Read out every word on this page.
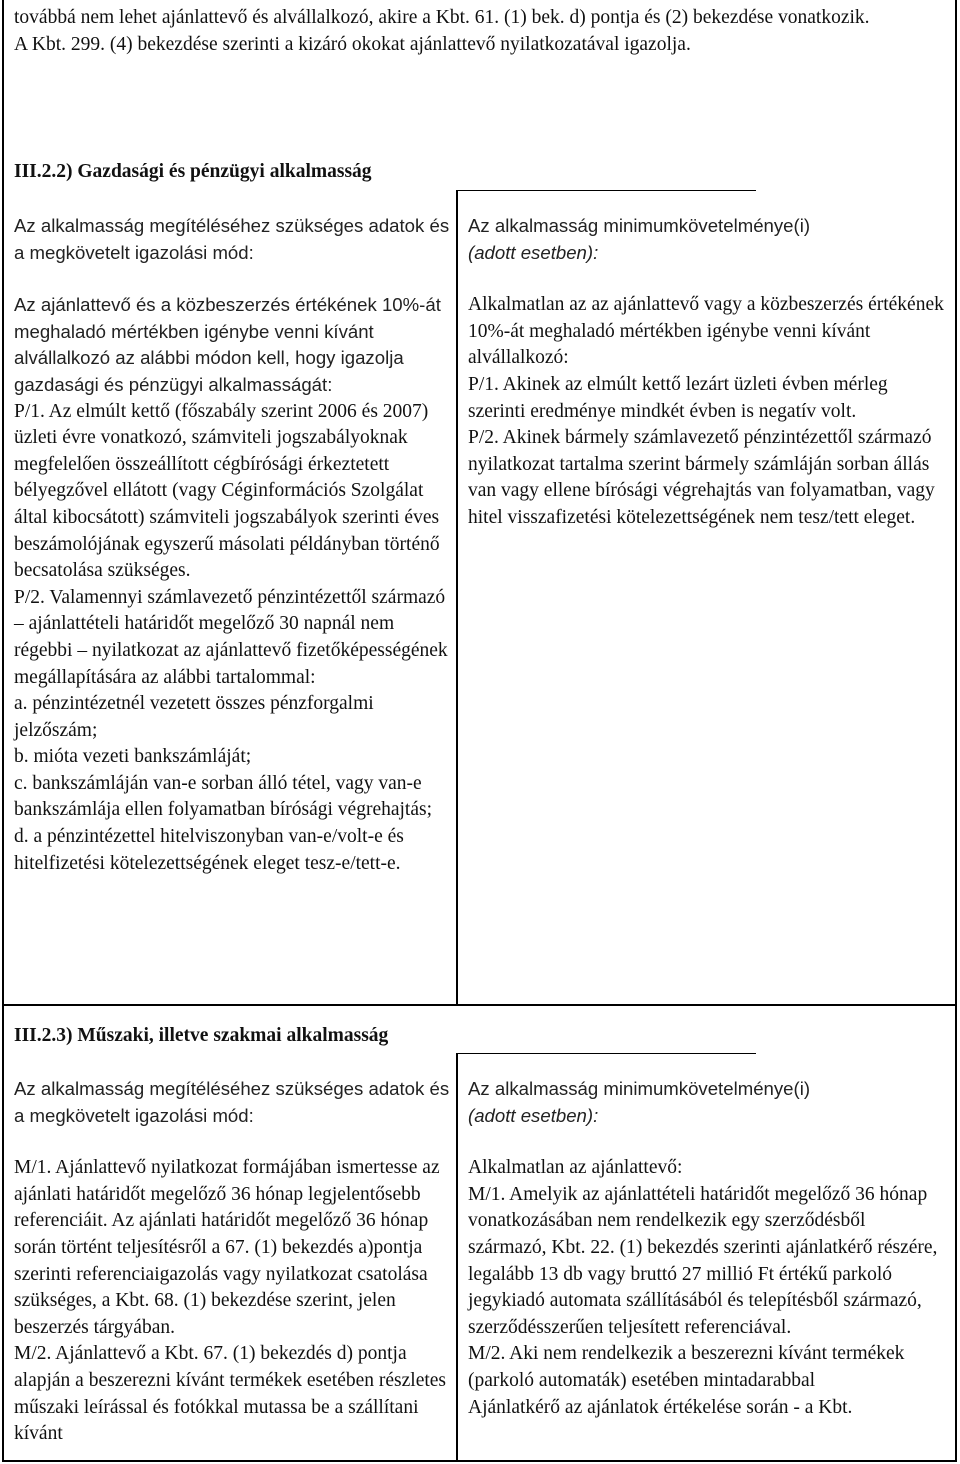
továbbá nem lehet ajánlattevő és alvállalkozó, akire a Kbt. 61. (1) bek. d) pontja és (2) bekezdése vonatkozik.

A Kbt. 299. (4) bekezdése szerinti a kizáró okokat ajánlattevő nyilatkozatával igazolja.

III.2.2) Gazdasági és pénzügyi alkalmasság

Az alkalmasság megítéléséhez szükséges adatok és a megkövetelt igazolási mód:

Az ajánlattevő és a közbeszerzés értékének 10%-át meghaladó mértékben igénybe venni kívánt alvállalkozó az alábbi módon kell, hogy igazolja gazdasági és pénzügyi alkalmasságát:

P/1. Az elmúlt kettő (főszabály szerint 2006 és 2007) üzleti évre vonatkozó, számviteli jogszabályoknak megfelelően összeállított cégbírósági érkeztetett bélyegzővel ellátott (vagy Céginformációs Szolgálat által kibocsátott) számviteli jogszabályok szerinti éves beszámolójának egyszerű másolati példányban történő becsatolása szükséges.

P/2. Valamennyi számlavezető pénzintézettől származó – ajánlattételi határidőt megelőző 30 napnál nem régebbi – nyilatkozat az ajánlattevő fizetőképességének megállapítására az alábbi tartalommal:

a. pénzintézetnél vezetett összes pénzforgalmi jelzőszám;

b. mióta vezeti bankszámláját;

c. bankszámláján van-e sorban álló tétel, vagy van-e bankszámlája ellen folyamatban bírósági végrehajtás;

d. a pénzintézettel hitelviszonyban van-e/volt-e és hitelfizetési kötelezettségének eleget tesz-e/tett-e.

Az alkalmasság minimumkövetelménye(i)

(adott esetben):

Alkalmatlan az az ajánlattevő vagy a közbeszerzés értékének 10%-át meghaladó mértékben igénybe venni kívánt alvállalkozó:

P/1. Akinek az elmúlt kettő lezárt üzleti évben mérleg szerinti eredménye mindkét évben is negatív volt.

P/2. Akinek bármely számlavezető pénzintézettől származó nyilatkozat tartalma szerint bármely számláján sorban állás van vagy ellene bírósági végrehajtás van folyamatban, vagy hitel visszafizetési kötelezettségének nem tesz/tett eleget.

III.2.3) Műszaki, illetve szakmai alkalmasság

Az alkalmasság megítéléséhez szükséges adatok és a megkövetelt igazolási mód:

M/1. Ajánlattevő nyilatkozat formájában ismertesse az ajánlati határidőt megelőző 36 hónap legjelentősebb referenciáit. Az ajánlati határidőt megelőző 36 hónap során történt teljesítésről a 67. (1) bekezdés a)pontja szerinti referenciaigazolás vagy nyilatkozat csatolása szükséges, a Kbt. 68. (1) bekezdése szerint, jelen beszerzés tárgyában.

M/2. Ajánlattevő a Kbt. 67. (1) bekezdés d) pontja alapján a beszerezni kívánt termékek esetében részletes műszaki leírással és fotókkal mutassa be a szállítani kívánt

Az alkalmasság minimumkövetelménye(i)

(adott esetben):

Alkalmatlan az ajánlattevő:

M/1. Amelyik az ajánlattételi határidőt megelőző 36 hónap vonatkozásában nem rendelkezik egy szerződésből származó, Kbt. 22. (1) bekezdés szerinti ajánlatkérő részére, legalább 13 db vagy bruttó 27 millió Ft értékű parkoló jegykiadó automata szállításából és telepítésből származó, szerződésszerűen teljesített referenciával.

M/2. Aki nem rendelkezik a beszerezni kívánt termékek (parkoló automaták) esetében mintadarabbal

Ajánlatkérő az ajánlatok értékelése során - a Kbt.
